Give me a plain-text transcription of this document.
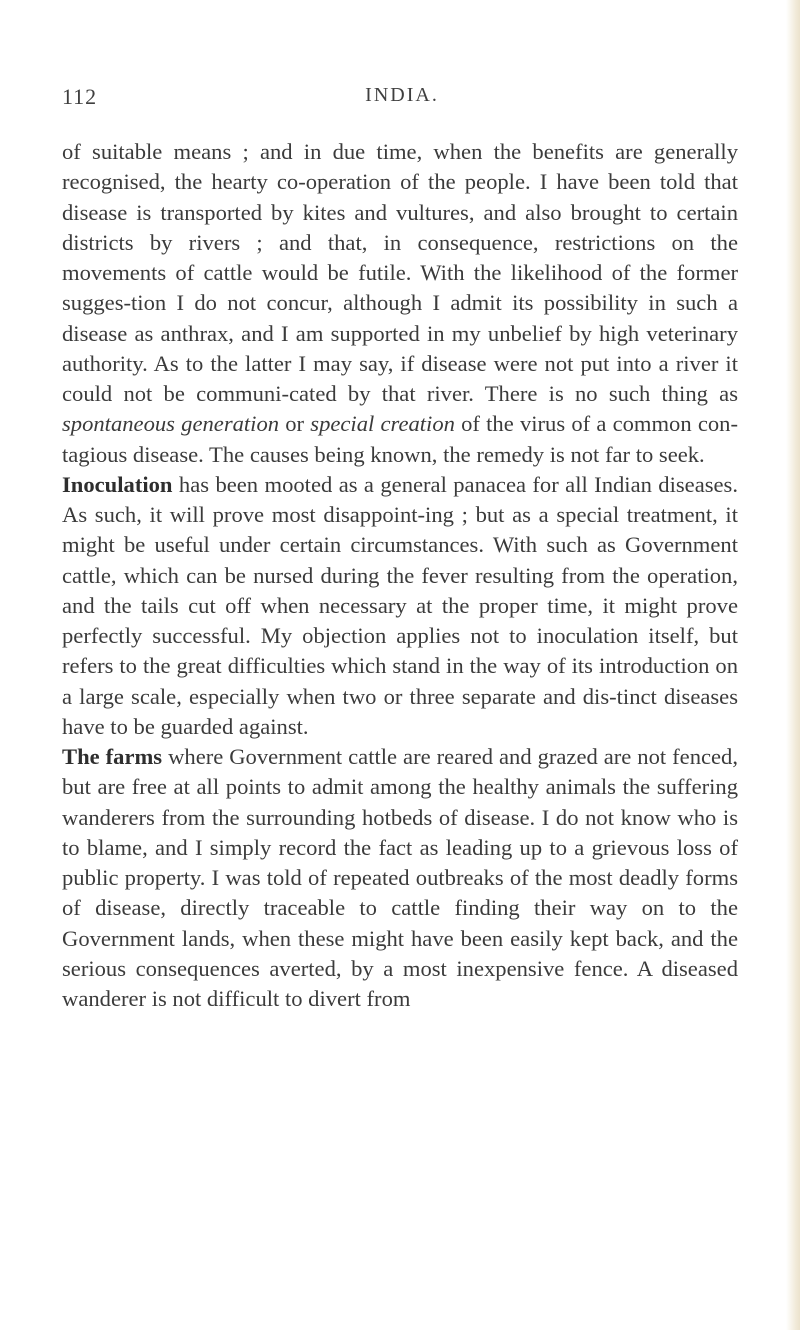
112	INDIA.

of suitable means ; and in due time, when the benefits are generally recognised, the hearty co-operation of the people. I have been told that disease is transported by kites and vultures, and also brought to certain districts by rivers ; and that, in consequence, restrictions on the movements of cattle would be futile. With the likelihood of the former sugges-tion I do not concur, although I admit its possibility in such a disease as anthrax, and I am supported in my unbelief by high veterinary authority. As to the latter I may say, if disease were not put into a river it could not be communi-cated by that river. There is no such thing as spontaneous generation or special creation of the virus of a common con-tagious disease. The causes being known, the remedy is not far to seek.

Inoculation has been mooted as a general panacea for all Indian diseases. As such, it will prove most disappoint-ing ; but as a special treatment, it might be useful under certain circumstances. With such as Government cattle, which can be nursed during the fever resulting from the operation, and the tails cut off when necessary at the proper time, it might prove perfectly successful. My objection applies not to inoculation itself, but refers to the great difficulties which stand in the way of its introduction on a large scale, especially when two or three separate and dis-tinct diseases have to be guarded against.

The farms where Government cattle are reared and grazed are not fenced, but are free at all points to admit among the healthy animals the suffering wanderers from the surrounding hotbeds of disease. I do not know who is to blame, and I simply record the fact as leading up to a grievous loss of public property. I was told of repeated outbreaks of the most deadly forms of disease, directly traceable to cattle finding their way on to the Government lands, when these might have been easily kept back, and the serious consequences averted, by a most inexpensive fence. A diseased wanderer is not difficult to divert from
